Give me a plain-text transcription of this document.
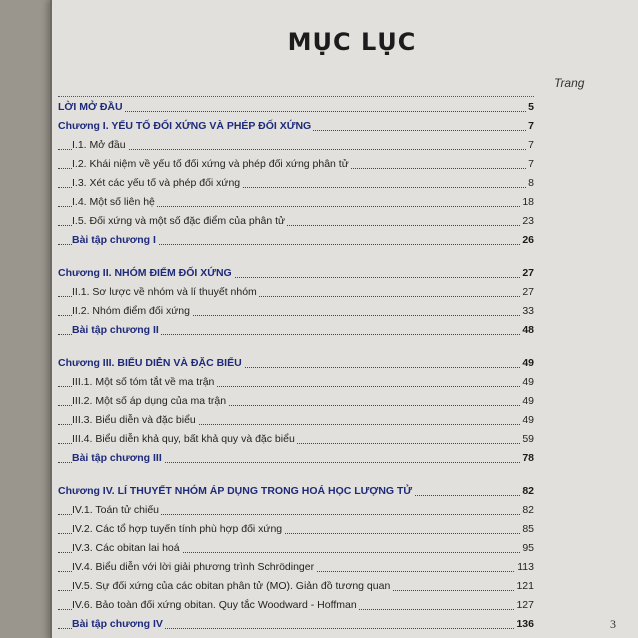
MỤC LỤC
Trang
LỜI MỞ ĐẦU	5
Chương I. YẾU TỐ ĐỐI XỨNG VÀ PHÉP ĐỐI XỨNG	7
I.1. Mở đầu	7
I.2. Khái niệm về yếu tố đối xứng và phép đối xứng phân tử	7
I.3. Xét các yếu tố và phép đối xứng	8
I.4. Một số liên hệ	18
I.5. Đối xứng và một số đặc điểm của phân tử	23
Bài tập chương I	26
Chương II. NHÓM ĐIỂM ĐỐI XỨNG	27
II.1. Sơ lược về nhóm và lí thuyết nhóm	27
II.2. Nhóm điểm đối xứng	33
Bài tập chương II	48
Chương III. BIỂU DIỄN VÀ ĐẶC BIỂU	49
III.1. Một số tóm tắt về ma trận	49
III.2. Một số áp dụng của ma trận	49
III.3. Biểu diễn và đặc biểu	49
III.4. Biểu diễn khả quy, bất khả quy và đặc biểu	59
Bài tập chương III	78
Chương IV. LÍ THUYẾT NHÓM ÁP DỤNG TRONG HOÁ HỌC LƯỢNG TỬ	82
IV.1. Toán tử chiếu	82
IV.2. Các tổ hợp tuyến tính phù hợp đối xứng	85
IV.3. Các obitan lai hoá	95
IV.4. Biểu diễn với lời giải phương trình Schrödinger	113
IV.5. Sự đối xứng của các obitan phân tử (MO). Giản đồ tương quan	121
IV.6. Bảo toàn đối xứng obitan. Quy tắc Woodward - Hoffman	127
Bài tập chương IV	136	3
